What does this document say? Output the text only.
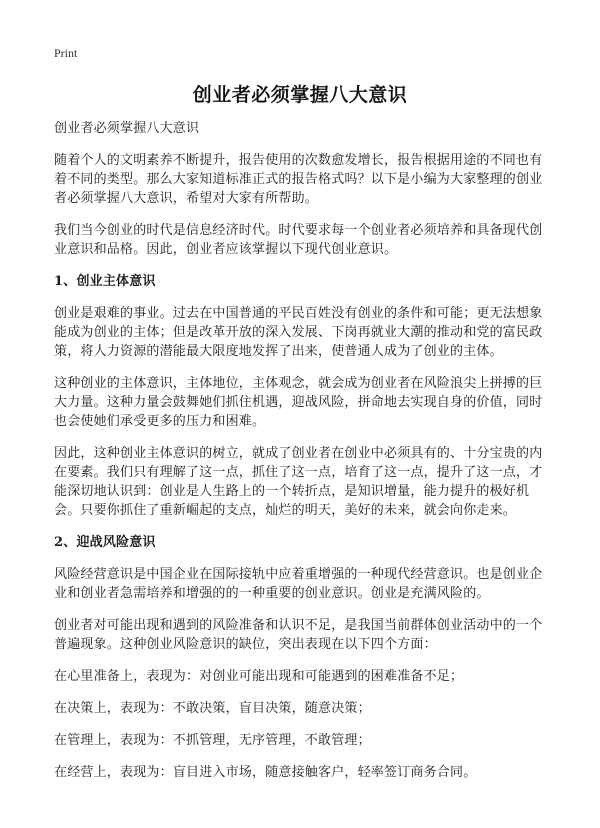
Print
创业者必须掌握八大意识

创业者必须掌握八大意识

随着个人的文明素养不断提升，报告使用的次数愈发增长，报告根据用途的不同也有着不同的类型。那么大家知道标准正式的报告格式吗？以下是小编为大家整理的创业者必须掌握八大意识，希望对大家有所帮助。

我们当今创业的时代是信息经济时代。时代要求每一个创业者必须培养和具备现代创业意识和品格。因此，创业者应该掌握以下现代创业意识。

1、创业主体意识

创业是艰难的事业。过去在中国普通的平民百姓没有创业的条件和可能；更无法想象能成为创业的主体；但是改革开放的深入发展、下岗再就业大潮的推动和党的富民政策，将人力资源的潜能最大限度地发挥了出来，使普通人成为了创业的主体。

这种创业的主体意识，主体地位，主体观念，就会成为创业者在风险浪尖上拼搏的巨大力量。这种力量会鼓舞她们抓住机遇，迎战风险，拼命地去实现自身的价值，同时也会使她们承受更多的压力和困难。

因此，这种创业主体意识的树立，就成了创业者在创业中必须具有的、十分宝贵的内在要素。我们只有理解了这一点，抓住了这一点，培育了这一点，提升了这一点，才能深切地认识到：创业是人生路上的一个转折点，是知识增量，能力提升的极好机会。只要你抓住了重新崛起的支点，灿烂的明天，美好的未来，就会向你走来。

2、迎战风险意识

风险经营意识是中国企业在国际接轨中应着重增强的一种现代经营意识。也是创业企业和创业者急需培养和增强的的一种重要的创业意识。创业是充满风险的。

创业者对可能出现和遇到的风险准备和认识不足，是我国当前群体创业活动中的一个普遍现象。这种创业风险意识的缺位，突出表现在以下四个方面：

在心里准备上，表现为：对创业可能出现和可能遇到的困难准备不足；

在决策上，表现为：不敢决策，盲目决策，随意决策；

在管理上，表现为：不抓管理，无序管理，不敢管理；

在经营上，表现为：盲目进入市场，随意接触客户，轻率签订商务合同。
